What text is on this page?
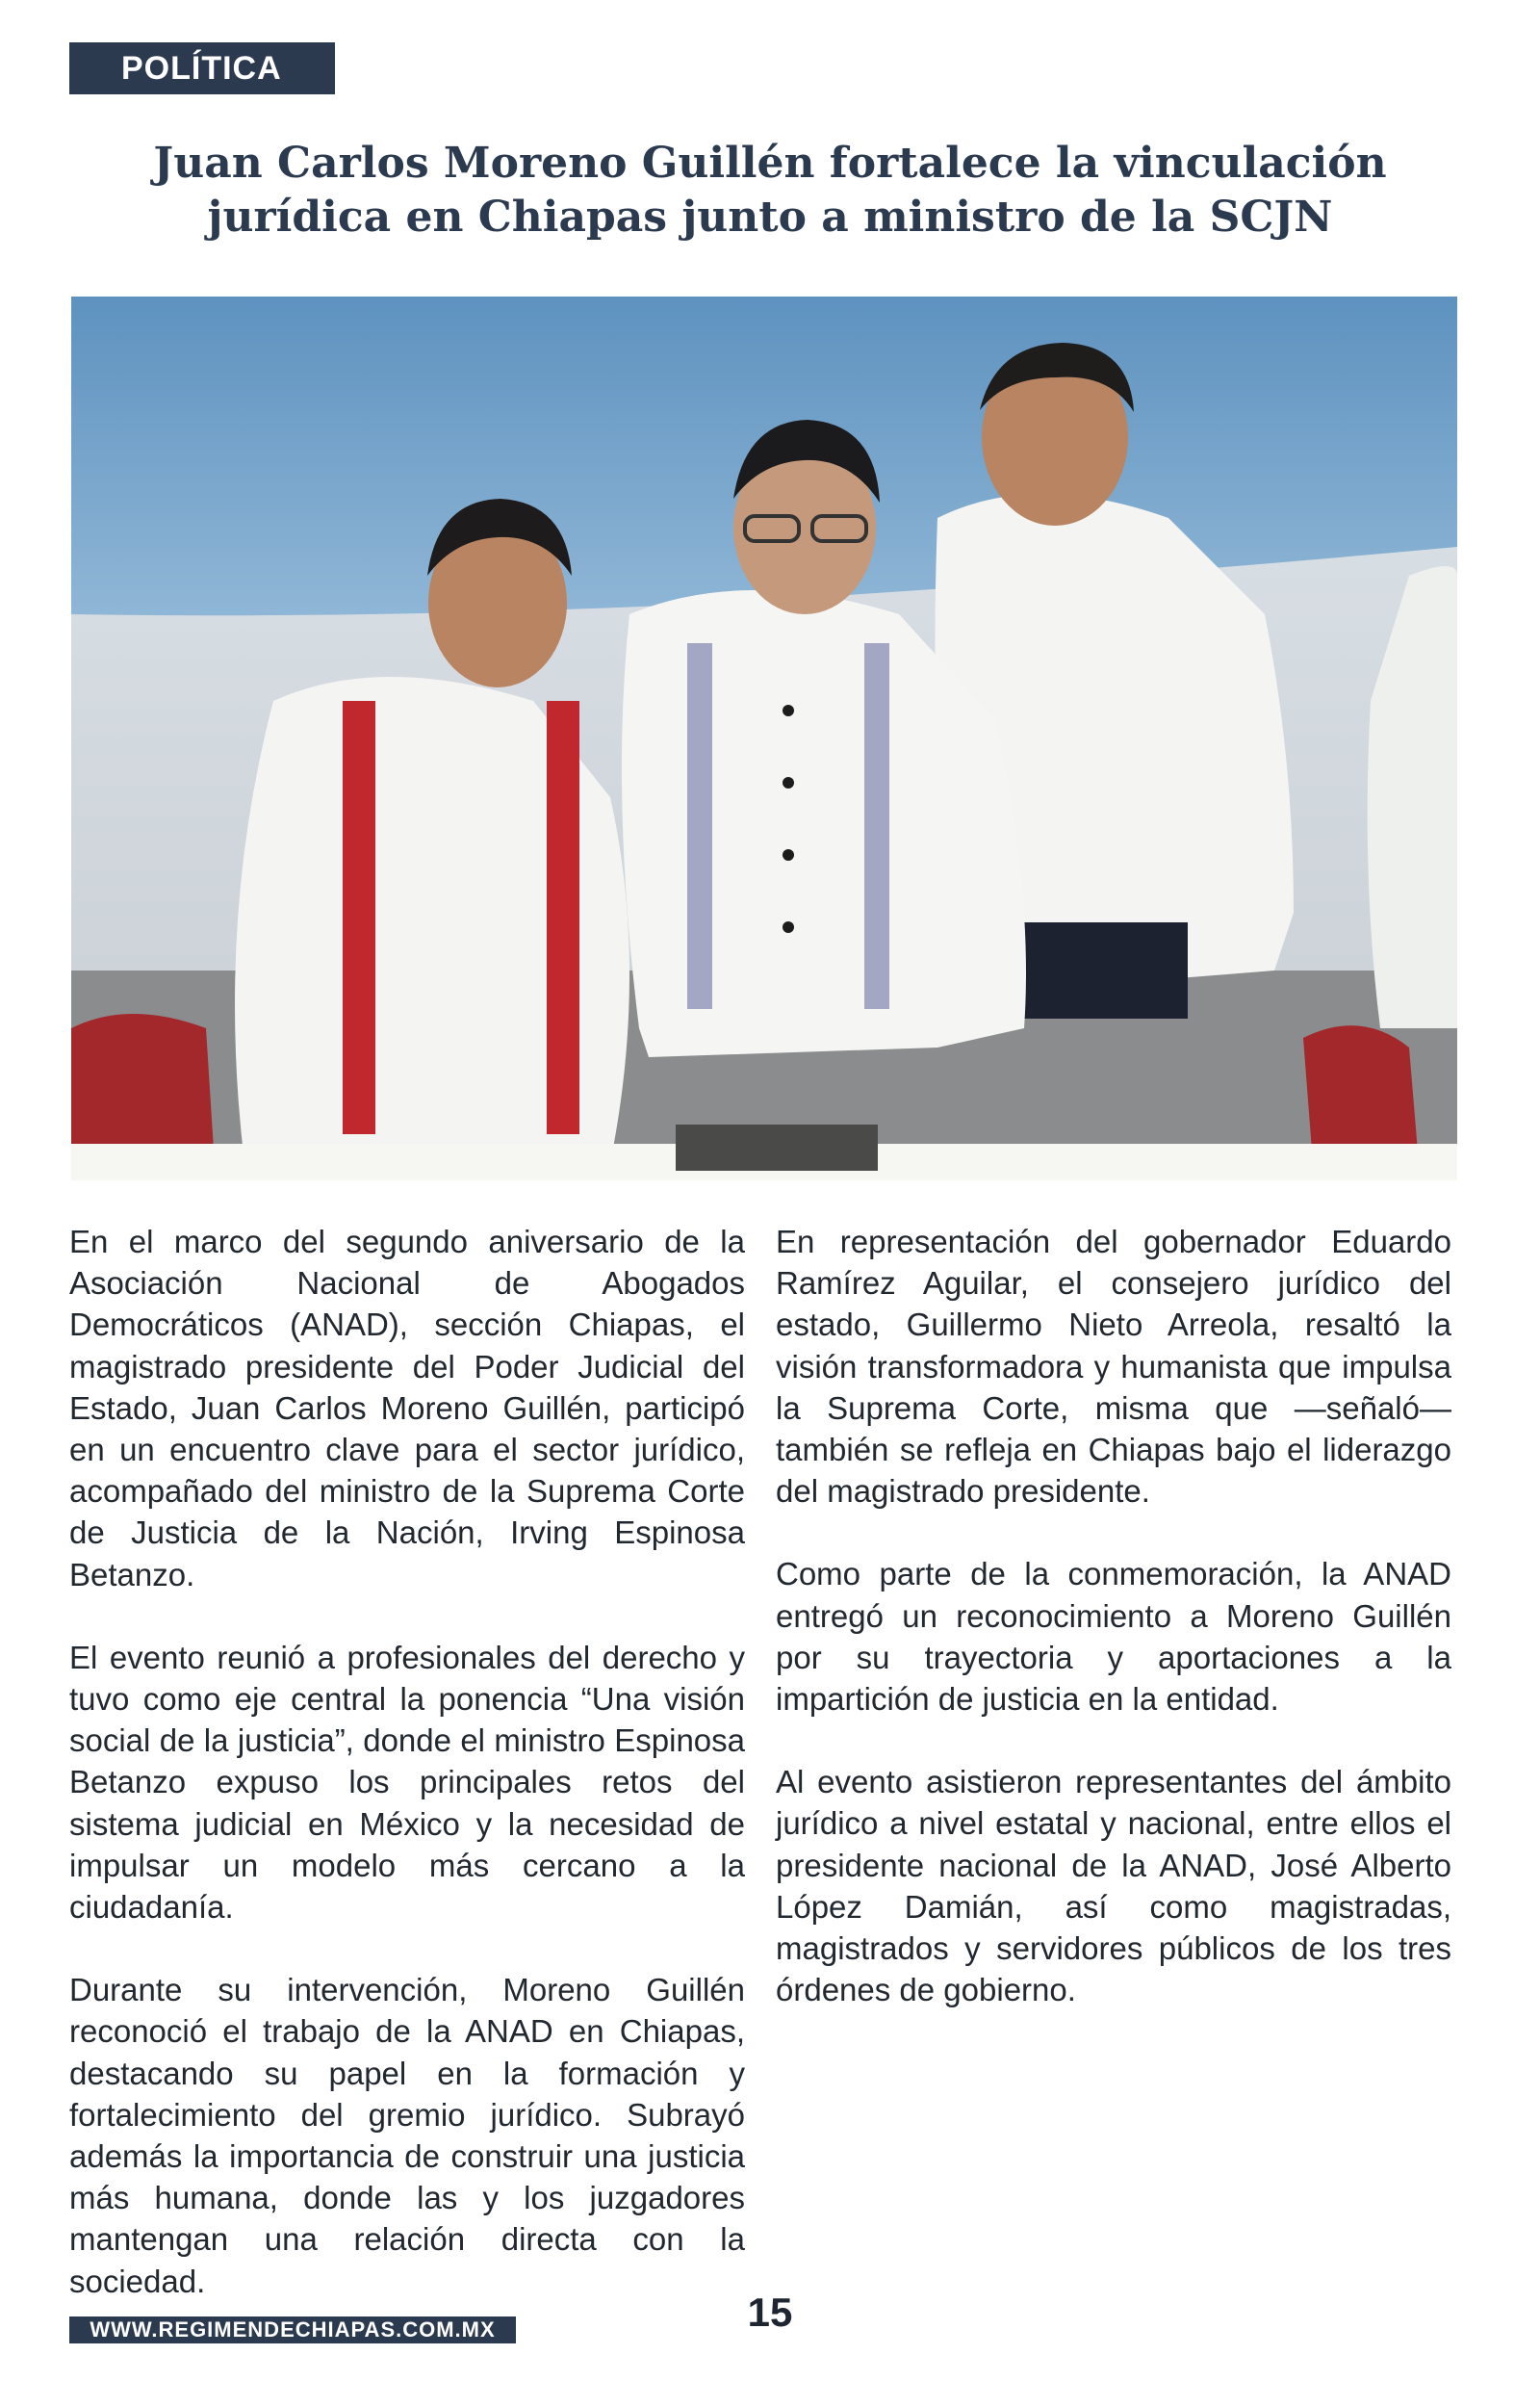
POLÍTICA
Juan Carlos Moreno Guillén fortalece la vinculación jurídica en Chiapas junto a ministro de la SCJN

En el marco del segundo aniversario de la Asociación Nacional de Abogados Democráticos (ANAD), sección Chiapas, el magistrado presidente del Poder Judicial del Estado, Juan Carlos Moreno Guillén, participó en un encuentro clave para el sector jurídico, acompañado del ministro de la Suprema Corte de Justicia de la Nación, Irving Espinosa Betanzo.

El evento reunió a profesionales del derecho y tuvo como eje central la ponencia “Una visión social de la justicia”, donde el ministro Espinosa Betanzo expuso los principales retos del sistema judicial en México y la necesidad de impulsar un modelo más cercano a la ciudadanía.

Durante su intervención, Moreno Guillén reconoció el trabajo de la ANAD en Chiapas, destacando su papel en la formación y fortalecimiento del gremio jurídico. Subrayó además la importancia de construir una justicia más humana, donde las y los juzgadores mantengan una relación directa con la sociedad.

En representación del gobernador Eduardo Ramírez Aguilar, el consejero jurídico del estado, Guillermo Nieto Arreola, resaltó la visión transformadora y humanista que impulsa la Suprema Corte, misma que —señaló— también se refleja en Chiapas bajo el liderazgo del magistrado presidente.

Como parte de la conmemoración, la ANAD entregó un reconocimiento a Moreno Guillén por su trayectoria y aportaciones a la impartición de justicia en la entidad.

Al evento asistieron representantes del ámbito jurídico a nivel estatal y nacional, entre ellos el presidente nacional de la ANAD, José Alberto López Damián, así como magistradas, magistrados y servidores públicos de los tres órdenes de gobierno.

WWW.REGIMENDECHIAPAS.COM.MX	15
